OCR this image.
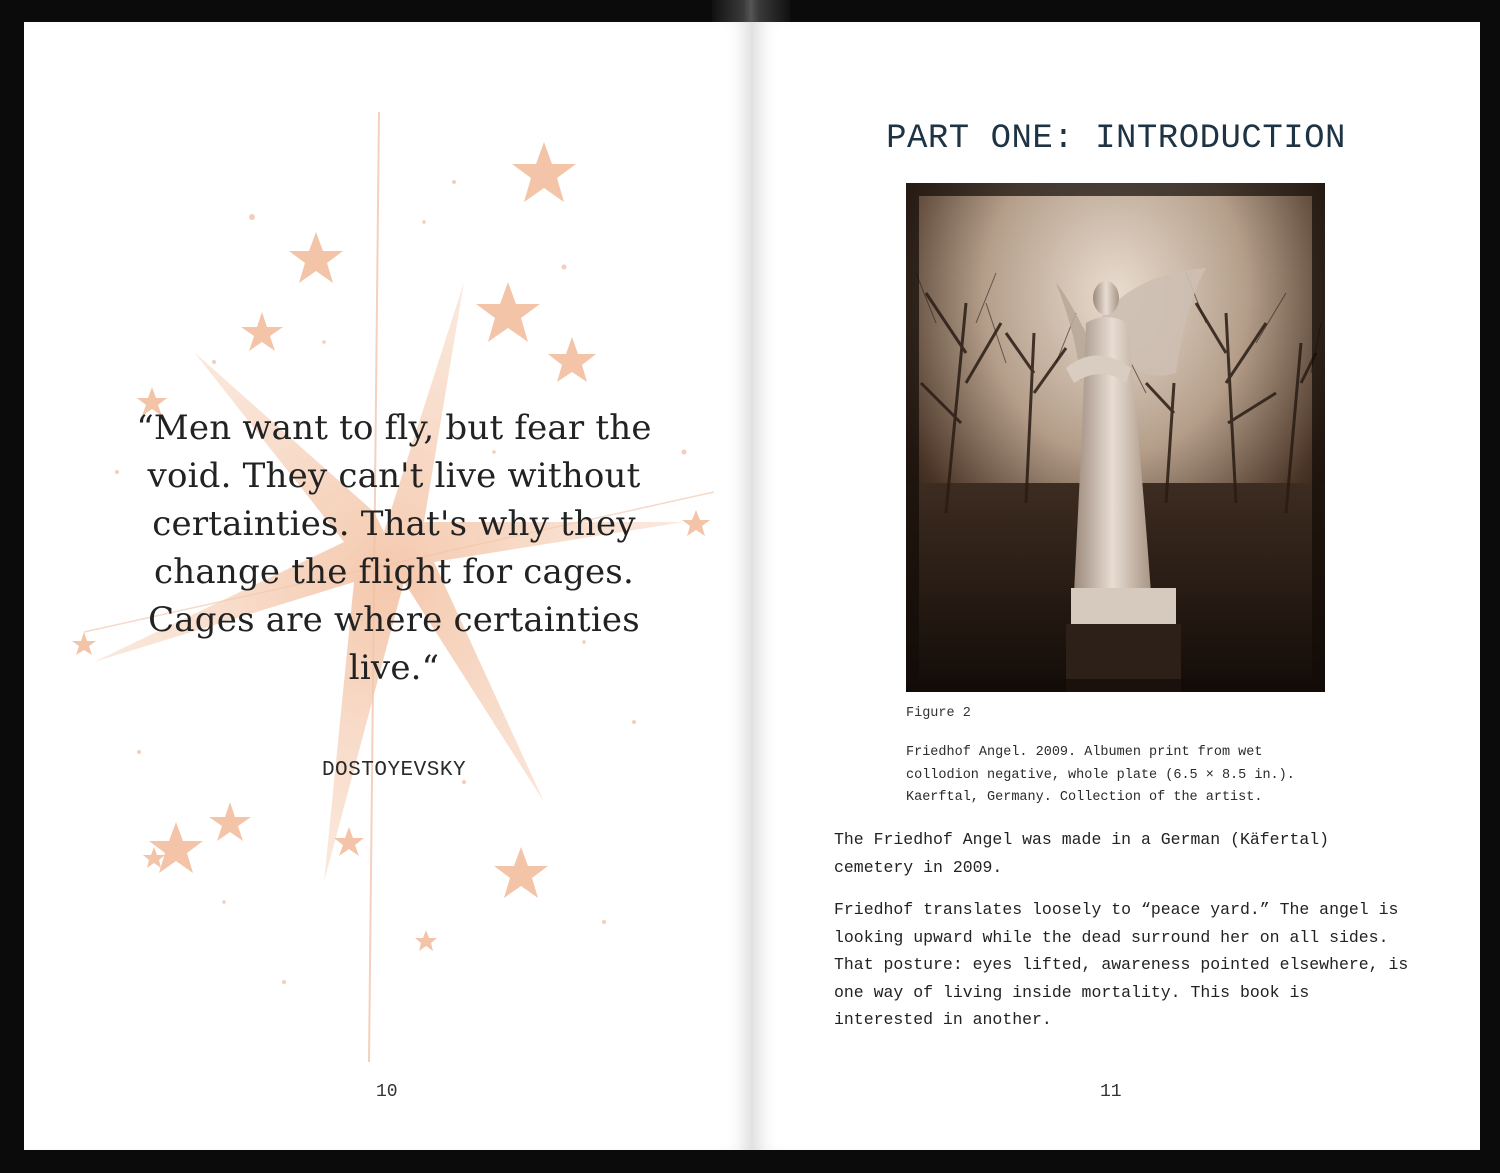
“Men want to fly, but fear the void. They can't live without certainties. That's why they change the flight for cages. Cages are where certainties live.“

DOSTOYEVSKY
10
PART ONE: INTRODUCTION
Figure 2

Friedhof Angel. 2009. Albumen print from wet collodion negative, whole plate (6.5 × 8.5 in.). Kaerftal, Germany. Collection of the artist.

The Friedhof Angel was made in a German (Käfertal) cemetery in 2009.

Friedhof translates loosely to “peace yard.” The angel is looking upward while the dead surround her on all sides. That posture: eyes lifted, awareness pointed elsewhere, is one way of living inside mortality. This book is interested in another.

11
